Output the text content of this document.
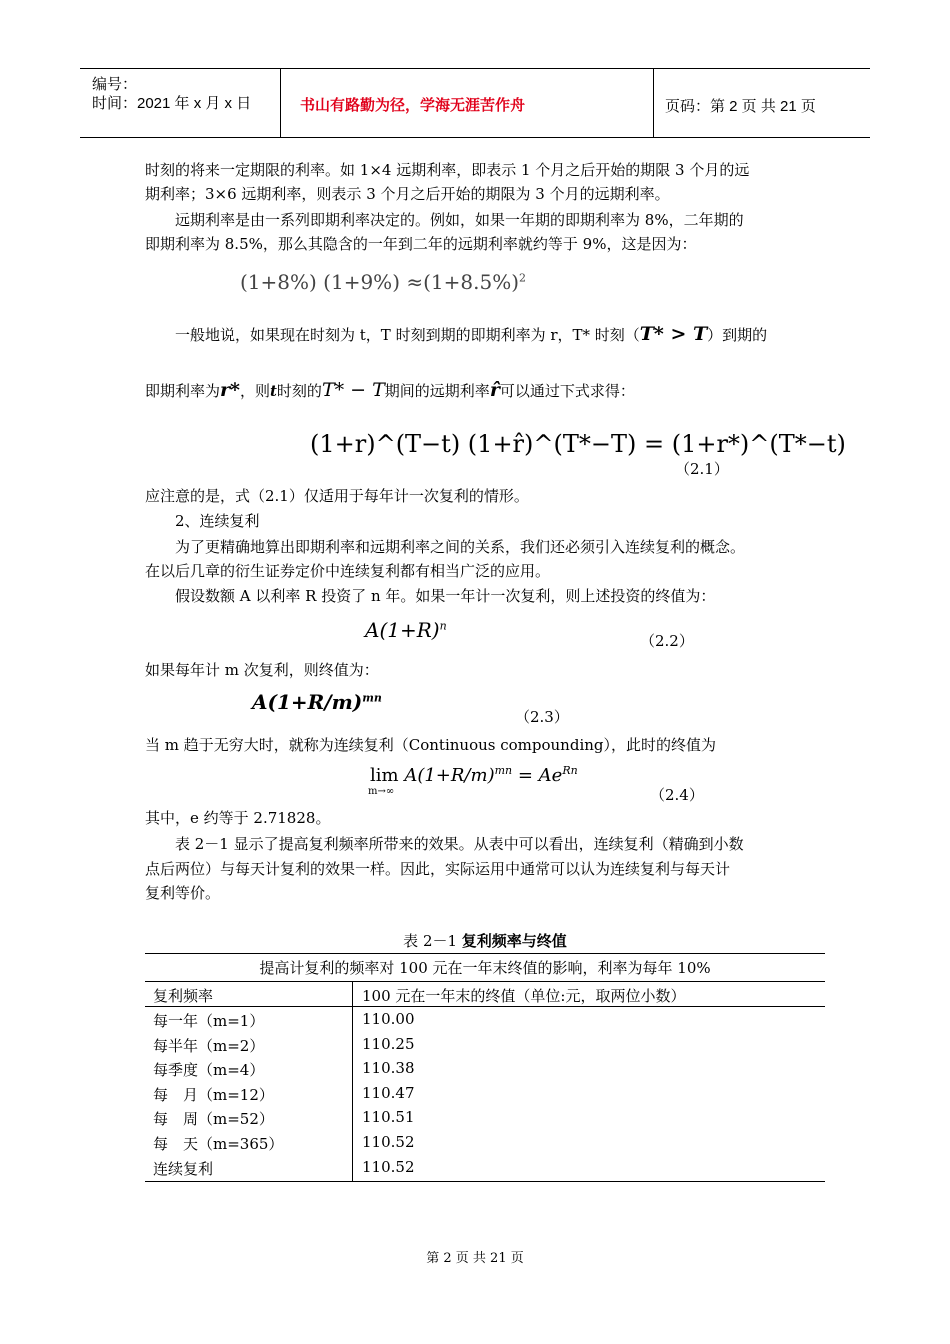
编号：
时间：2021 年 x 月 x 日	书山有路勤为径，学海无涯苦作舟	页码：第 2 页 共 21 页
时刻的将来一定期限的利率。如 1×4 远期利率，即表示 1 个月之后开始的期限 3 个月的远
期利率；3×6 远期利率，则表示 3 个月之后开始的期限为 3 个月的远期利率。
远期利率是由一系列即期利率决定的。例如，如果一年期的即期利率为 8%，二年期的
即期利率为 8.5%，那么其隐含的一年到二年的远期利率就约等于 9%，这是因为：
(1+8%) $(1+9\%) \approx(1+8.5\%)^2$
一般地说，如果现在时刻为 t，T 时刻到期的即期利率为 r，T* 时刻（T* > T）到期的
即期利率为r*，则t时刻的T* − T期间的远期利率r̂可以通过下式求得：
(1+r)^(T−t) (1+r̂)^(T*−T) = (1+r*)^(T*−t)
（2.1）
应注意的是，式（2.1）仅适用于每年计一次复利的情形。
2、连续复利
为了更精确地算出即期利率和远期利率之间的关系，我们还必须引入连续复利的概念。
在以后几章的衍生证券定价中连续复利都有相当广泛的应用。
假设数额 A 以利率 R 投资了 n 年。如果一年计一次复利，则上述投资的终值为：
$A(1+R)^n$
（2.2）
如果每年计 m 次复利，则终值为：
$A(1+R/m)^{mn}$
（2.3）
当 m 趋于无穷大时，就称为连续复利（Continuous compounding），此时的终值为
$\lim A(1+R/m)^{mn} = Ae^{Rn}$
m→∞	（2.4）
其中，e 约等于 2.71828。
表 2－1 显示了提高复利频率所带来的效果。从表中可以看出，连续复利（精确到小数
点后两位）与每天计复利的效果一样。因此，实际运用中通常可以认为连续复利与每天计
复利等价。
表 2－1 复利频率与终值
提高计复利的频率对 100 元在一年末终值的影响，利率为每年 10%
复利频率	100 元在一年末的终值（单位:元，取两位小数）
每一年（m=1）	110.00
每半年（m=2）	110.25
每季度（m=4）	110.38
每　月（m=12）	110.47
每　周（m=52）	110.51
每　天（m=365）	110.52
连续复利	110.52
第 2 页 共 21 页
